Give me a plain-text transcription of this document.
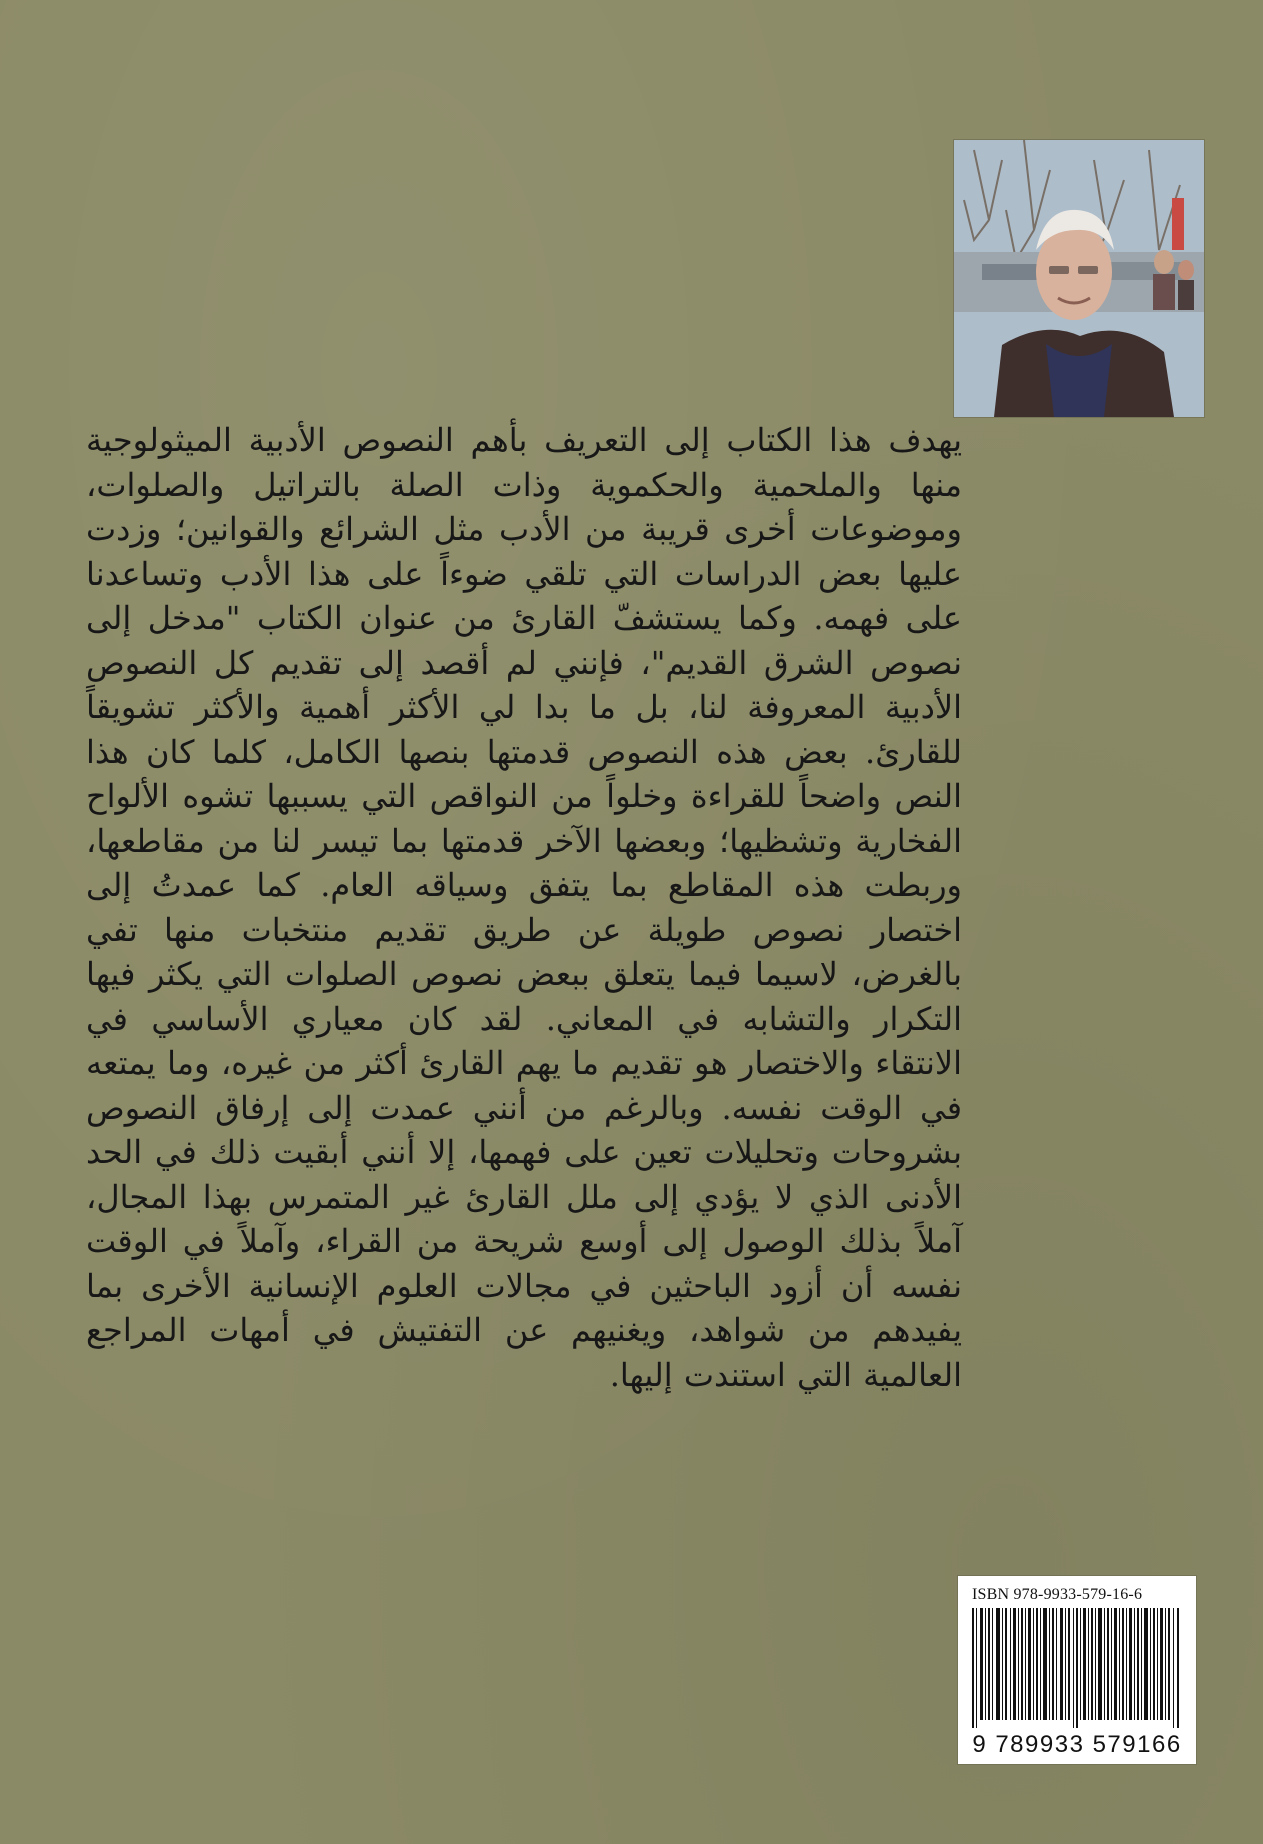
يهدف هذا الكتاب إلى التعريف بأهم النصوص الأدبية الميثولوجية منها والملحمية والحكموية وذات الصلة بالتراتيل والصلوات، وموضوعات أخرى قريبة من الأدب مثل الشرائع والقوانين؛ وزدت عليها بعض الدراسات التي تلقي ضوءاً على هذا الأدب وتساعدنا على فهمه. وكما يستشفّ القارئ من عنوان الكتاب "مدخل إلى نصوص الشرق القديم"، فإنني لم أقصد إلى تقديم كل النصوص الأدبية المعروفة لنا، بل ما بدا لي الأكثر أهمية والأكثر تشويقاً للقارئ. بعض هذه النصوص قدمتها بنصها الكامل، كلما كان هذا النص واضحاً للقراءة وخلواً من النواقص التي يسببها تشوه الألواح الفخارية وتشظيها؛ وبعضها الآخر قدمتها بما تيسر لنا من مقاطعها، وربطت هذه المقاطع بما يتفق وسياقه العام. كما عمدتُ إلى اختصار نصوص طويلة عن طريق تقديم منتخبات منها تفي بالغرض، لاسيما فيما يتعلق ببعض نصوص الصلوات التي يكثر فيها التكرار والتشابه في المعاني. لقد كان معياري الأساسي في الانتقاء والاختصار هو تقديم ما يهم القارئ أكثر من غيره، وما يمتعه في الوقت نفسه. وبالرغم من أنني عمدت إلى إرفاق النصوص بشروحات وتحليلات تعين على فهمها، إلا أنني أبقيت ذلك في الحد الأدنى الذي لا يؤدي إلى ملل القارئ غير المتمرس بهذا المجال، آملاً بذلك الوصول إلى أوسع شريحة من القراء، وآملاً في الوقت نفسه أن أزود الباحثين في مجالات العلوم الإنسانية الأخرى بما يفيدهم من شواهد، ويغنيهم عن التفتيش في أمهات المراجع العالمية التي استندت إليها.
ISBN 978-9933-579-16-6
9 789933 579166
